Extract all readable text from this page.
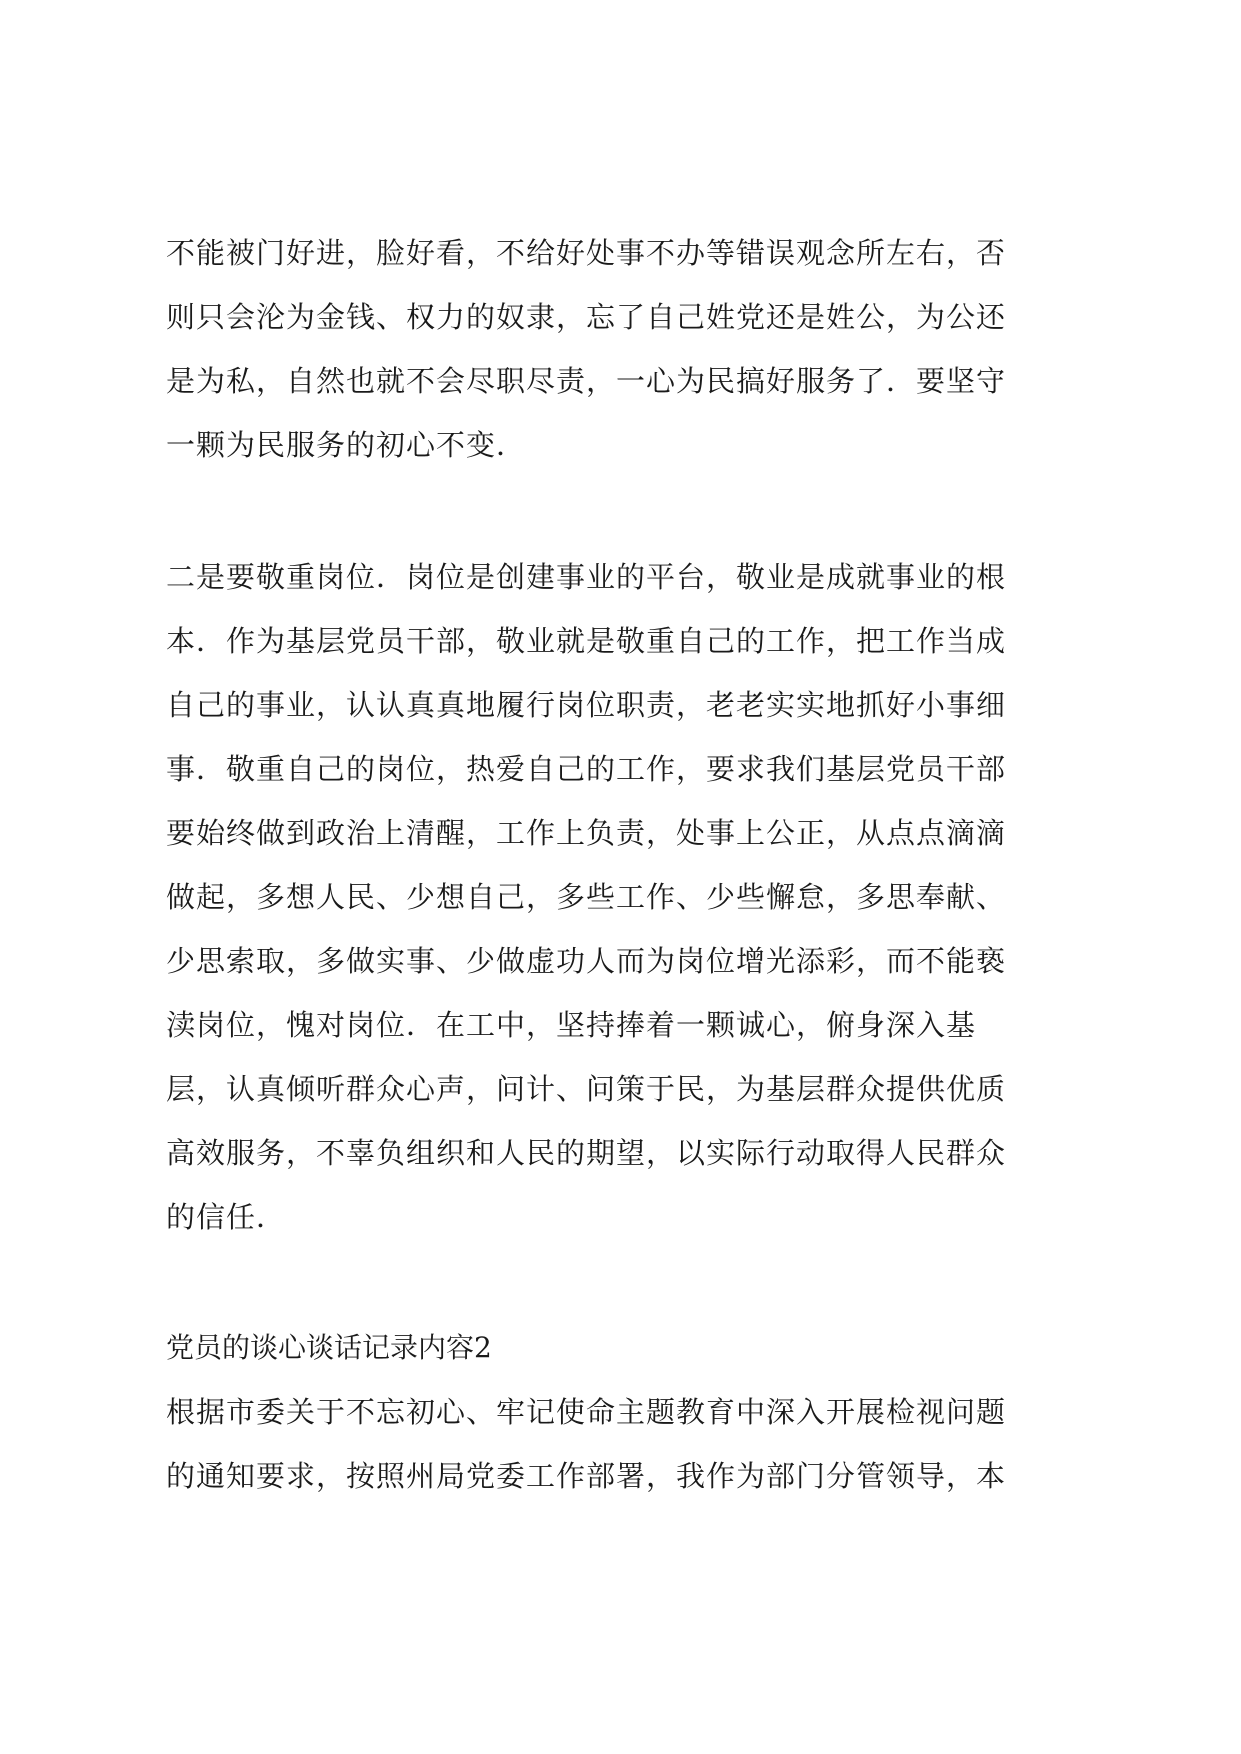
不能被门好进，脸好看，不给好处事不办等错误观念所左右，否
则只会沦为金钱、权力的奴隶，忘了自己姓党还是姓公，为公还
是为私，自然也就不会尽职尽责，一心为民搞好服务了．要坚守
一颗为民服务的初心不变．
二是要敬重岗位．岗位是创建事业的平台，敬业是成就事业的根
本．作为基层党员干部，敬业就是敬重自己的工作，把工作当成
自己的事业，认认真真地履行岗位职责，老老实实地抓好小事细
事．敬重自己的岗位，热爱自己的工作，要求我们基层党员干部
要始终做到政治上清醒，工作上负责，处事上公正，从点点滴滴
做起，多想人民、少想自己，多些工作、少些懈怠，多思奉献、
少思索取，多做实事、少做虚功人而为岗位增光添彩，而不能亵
渎岗位，愧对岗位．在工中，坚持捧着一颗诚心，俯身深入基
层，认真倾听群众心声，问计、问策于民，为基层群众提供优质
高效服务，不辜负组织和人民的期望，以实际行动取得人民群众
的信任．
党员的谈心谈话记录内容2
根据市委关于不忘初心、牢记使命主题教育中深入开展检视问题
的通知要求，按照州局党委工作部署，我作为部门分管领导，本
